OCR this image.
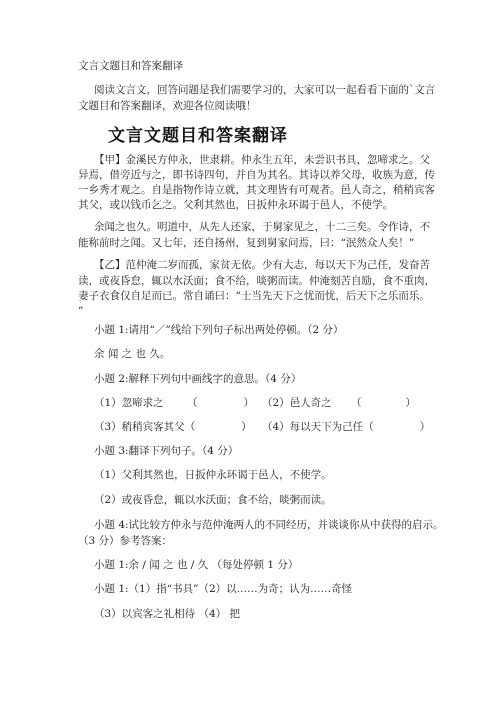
文言文题目和答案翻译
阅读文言文，回答问题是我们需要学习的，大家可以一起看看下面的`文言
文题目和答案翻译，欢迎各位阅读哦！
文言文题目和答案翻译
【甲】金溪民方仲永，世隶耕。仲永生五年，未尝识书具，忽啼求之。父
异焉，借旁近与之，即书诗四句，并自为其名。其诗以养父母，收族为意，传
一乡秀才观之。自是指物作诗立就，其文理皆有可观者。邑人奇之，稍稍宾客
其父，或以钱币乞之。父利其然也，日扳仲永环谒于邑人，不使学。
余闻之也久。明道中，从先人还家，于舅家见之，十二三矣。令作诗，不
能称前时之闻。又七年，还自扬州，复到舅家问焉，曰：“泯然众人矣！”
【乙】范仲淹二岁而孤，家贫无依。少有大志，每以天下为己任，发奋苦
读，或夜昏怠，辄以水沃面；食不给，啖粥而读。仲淹刻苦自励，食不重肉，
妻子衣食仅自足而已。常自诵曰：“士当先天下之忧而忧，后天下之乐而乐。
”
小题 1:请用“／”线给下列句子标出两处停顿。（2 分）
余 闻 之 也 久。
小题 2:解释下列句中画线字的意思。（4 分）
（1）忽啼求之 （	） （2）邑人奇之 （	）
（3）稍稍宾客其父（	） （4）每以天下为己任（	）
小题 3:翻译下列句子。（4 分）
（1）父利其然也，日扳仲永环谒于邑人，不使学。
（2）或夜昏怠，辄以水沃面；食不给，啖粥而读。
小题 4:试比较方仲永与范仲淹两人的不同经历，并谈谈你从中获得的启示。
（3 分）参考答案：
小题 1:余 / 闻 之 也 / 久 （每处停顿 1 分）
小题 1:（1）指“书具”（2）以……为奇；认为……奇怪
（3）以宾客之礼相待 （4） 把
